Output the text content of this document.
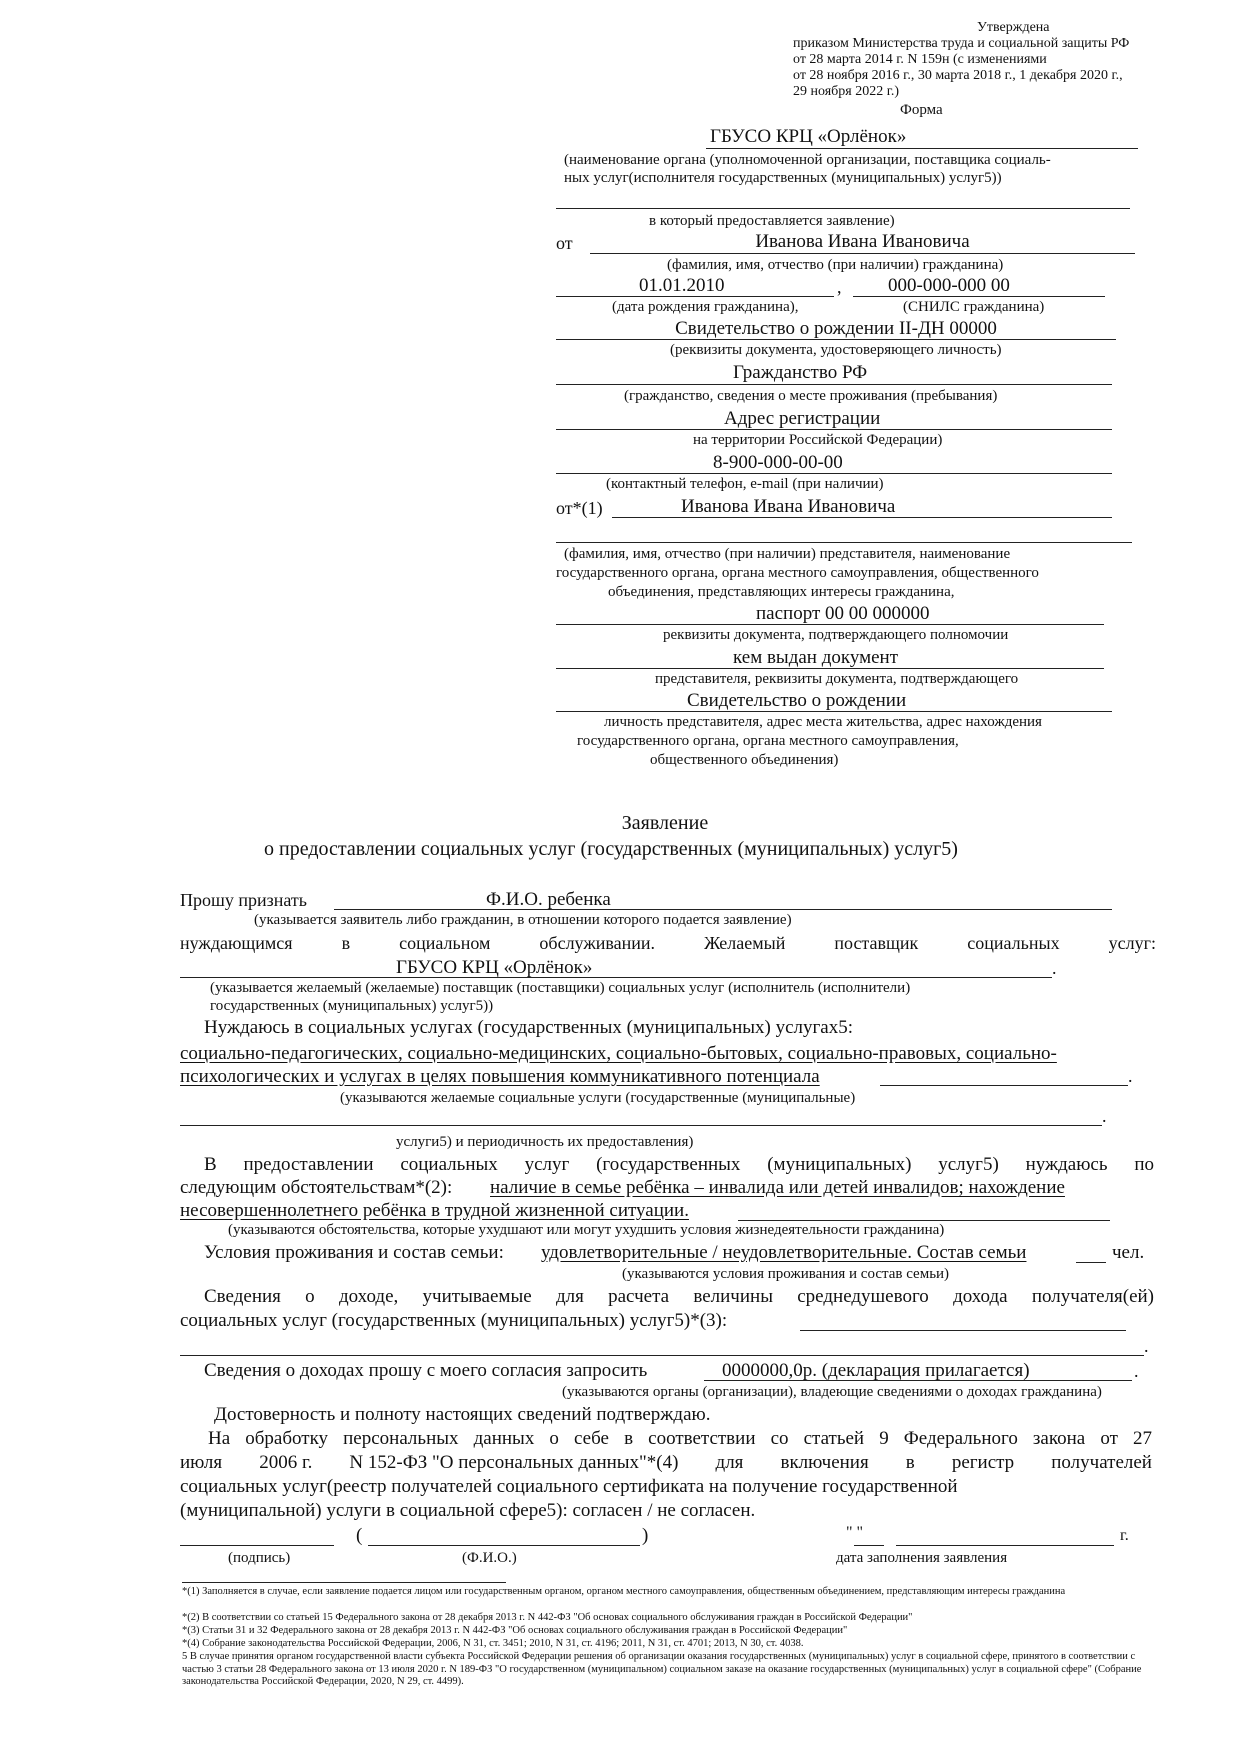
Утверждена
приказом Министерства труда и социальной защиты РФ
от 28 марта 2014 г. N 159н (с изменениями
от 28 ноября 2016 г., 30 марта 2018 г., 1 декабря 2020 г.,
29 ноября 2022 г.)
Форма
ГБУСО КРЦ «Орлёнок»
(наименование органа (уполномоченной организации, поставщика социаль-
ных услуг(исполнителя государственных (муниципальных) услуг5))
в который предоставляется заявление)
от	Иванова Ивана Ивановича
(фамилия, имя, отчество (при наличии) гражданина)
01.01.2010	, 000-000-000 00
(дата рождения гражданина),	(СНИЛС гражданина)
Свидетельство о рождении II-ДН 00000
(реквизиты документа, удостоверяющего личность)
Гражданство РФ
(гражданство, сведения о месте проживания (пребывания)
Адрес регистрации
на территории Российской Федерации)
8-900-000-00-00
(контактный телефон, e-mail (при наличии)
от*(1)	Иванова Ивана Ивановича
(фамилия, имя, отчество (при наличии) представителя, наименование
государственного органа, органа местного самоуправления, общественного
объединения, представляющих интересы гражданина,
паспорт 00 00 000000
реквизиты документа, подтверждающего полномочии
кем выдан документ
представителя, реквизиты документа, подтверждающего
Свидетельство о рождении
личность представителя, адрес места жительства, адрес нахождения
государственного органа, органа местного самоуправления,
общественного объединения)
Заявление
о предоставлении социальных услуг (государственных (муниципальных) услуг5)
Прошу признать	Ф.И.О. ребенка
(указывается заявитель либо гражданин, в отношении которого подается заявление)
нуждающимся	в	социальном	обслуживании.	Желаемый	поставщик	социальных	услуг:
ГБУСО КРЦ «Орлёнок»	.
(указывается желаемый (желаемые) поставщик (поставщики) социальных услуг (исполнитель (исполнители)
государственных (муниципальных) услуг5))
Нуждаюсь в социальных услугах (государственных (муниципальных) услугах5:
социально-педагогических, социально-медицинских, социально-бытовых, социально-правовых, социально-
психологических и услугах в целях повышения коммуникативного потенциала	.
(указываются желаемые социальные услуги (государственные (муниципальные)
.
услуги5) и периодичность их предоставления)
В предоставлении социальных услуг (государственных (муниципальных) услуг5) нуждаюсь по
следующим обстоятельствам*(2): наличие в семье ребёнка – инвалида или детей инвалидов; нахождение
несовершеннолетнего ребёнка в трудной жизненной ситуации.
(указываются обстоятельства, которые ухудшают или могут ухудшить условия жизнедеятельности гражданина)
Условия проживания и состав семьи: удовлетворительные / неудовлетворительные. Состав семьи	чел.
(указываются условия проживания и состав семьи)
Сведения о доходе, учитываемые для расчета величины среднедушевого дохода получателя(ей)
социальных услуг (государственных (муниципальных) услуг5)*(3):
.
Сведения о доходах прошу с моего согласия запросить	0000000,0р. (декларация прилагается)	.
(указываются органы (организации), владеющие сведениями о доходах гражданина)
Достоверность и полноту настоящих сведений подтверждаю.
На обработку персональных данных о себе в соответствии со статьей 9 Федерального закона от 27
июля 2006 г. N 152-ФЗ "О персональных данных"*(4) для включения в регистр получателей
социальных услуг(реестр получателей социального сертификата на получение государственной
(муниципальной) услуги в социальной сфере5): согласен / не согласен.
(	)
(подпись)	(Ф.И.О.)
" "	г.
дата заполнения заявления
*(1) Заполняется в случае, если заявление подается лицом или государственным органом, органом местного самоуправления, общественным объединением, представляющим интересы гражданина
*(2) В соответствии со статьей 15 Федерального закона от 28 декабря 2013 г. N 442-ФЗ "Об основах социального обслуживания граждан в Российской Федерации"
*(3) Статьи 31 и 32 Федерального закона от 28 декабря 2013 г. N 442-ФЗ "Об основах социального обслуживания граждан в Российской Федерации"
*(4) Собрание законодательства Российской Федерации, 2006, N 31, ст. 3451; 2010, N 31, ст. 4196; 2011, N 31, ст. 4701; 2013, N 30, ст. 4038.
5 В случае принятия органом государственной власти субъекта Российской Федерации решения об организации оказания государственных (муниципальных) услуг в социальной сфере, принятого в соответствии с частью 3 статьи 28 Федерального закона от 13 июля 2020 г. N 189-ФЗ "О государственном (муниципальном) социальном заказе на оказание государственных (муниципальных) услуг в социальной сфере" (Собрание законодательства Российской Федерации, 2020, N 29, ст. 4499).
